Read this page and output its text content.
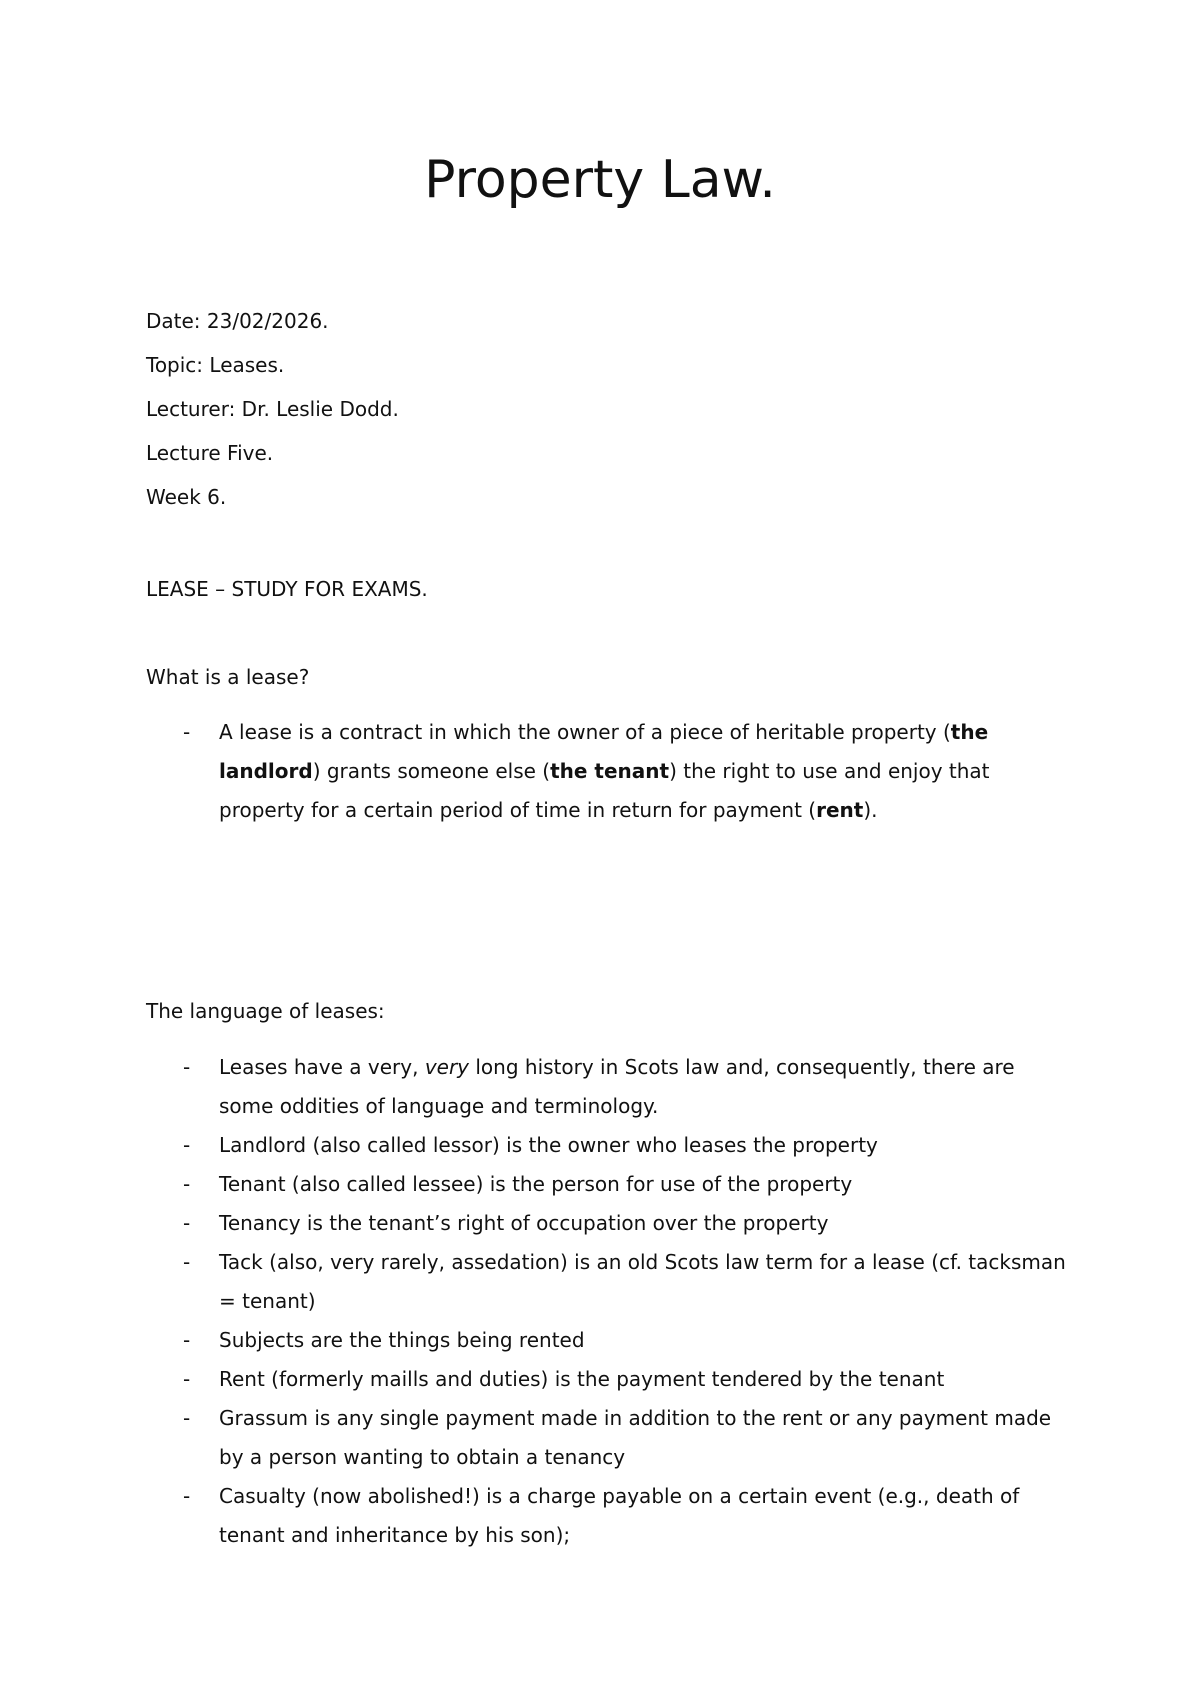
Property Law.
Date: 23/02/2026.
Topic: Leases.
Lecturer: Dr. Leslie Dodd.
Lecture Five.
Week 6.
LEASE – STUDY FOR EXAMS.
What is a lease?
- A lease is a contract in which the owner of a piece of heritable property (the landlord) grants someone else (the tenant) the right to use and enjoy that property for a certain period of time in return for payment (rent).
The language of leases:
- Leases have a very, very long history in Scots law and, consequently, there are some oddities of language and terminology.
- Landlord (also called lessor) is the owner who leases the property
- Tenant (also called lessee) is the person for use of the property
- Tenancy is the tenant’s right of occupation over the property
- Tack (also, very rarely, assedation) is an old Scots law term for a lease (cf. tacksman = tenant)
- Subjects are the things being rented
- Rent (formerly maills and duties) is the payment tendered by the tenant
- Grassum is any single payment made in addition to the rent or any payment made by a person wanting to obtain a tenancy
- Casualty (now abolished!) is a charge payable on a certain event (e.g., death of tenant and inheritance by his son);
